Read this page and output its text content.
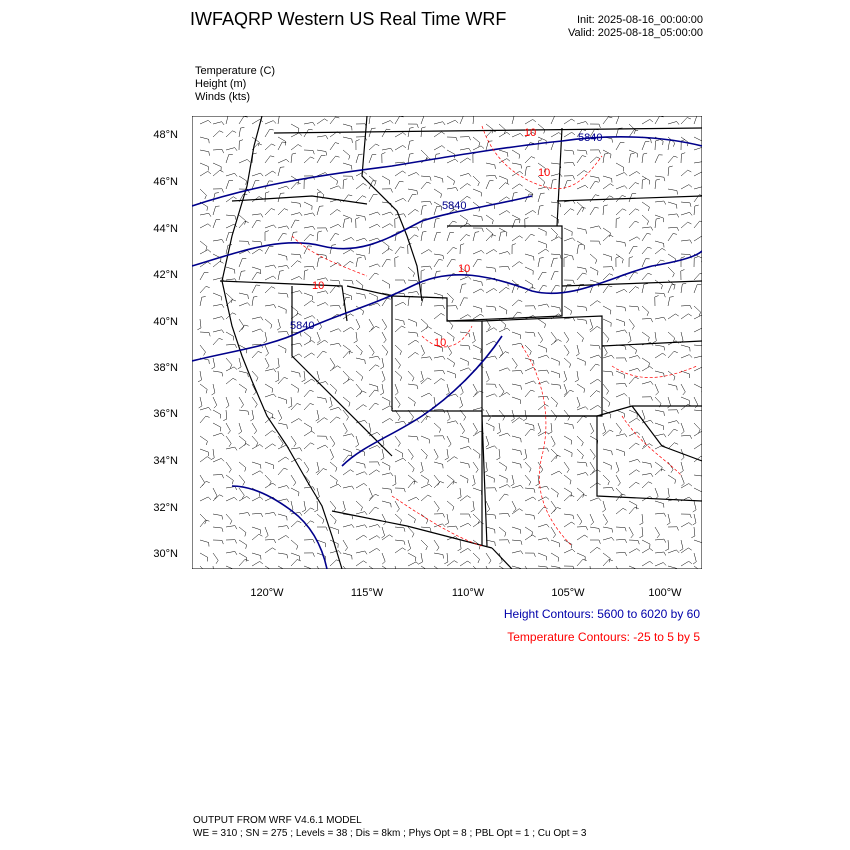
IWFAQRP Western US Real Time WRF	Init: 2025-08-16_00:00:00
Valid: 2025-08-18_05:00:00
Temperature (C)
Height (m)
Winds (kts)
5840
5840
5840
10
10
10
10
10
48°N
46°N
44°N
42°N
40°N
38°N
36°N
34°N
32°N
30°N
120°W	115°W	110°W	105°W	100°W
Height Contours: 5600 to 6020 by 60
Temperature Contours: -25 to 5 by 5
OUTPUT FROM WRF V4.6.1 MODEL
WE = 310 ; SN = 275 ; Levels = 38 ; Dis = 8km ; Phys Opt = 8 ; PBL Opt = 1 ; Cu Opt = 3
